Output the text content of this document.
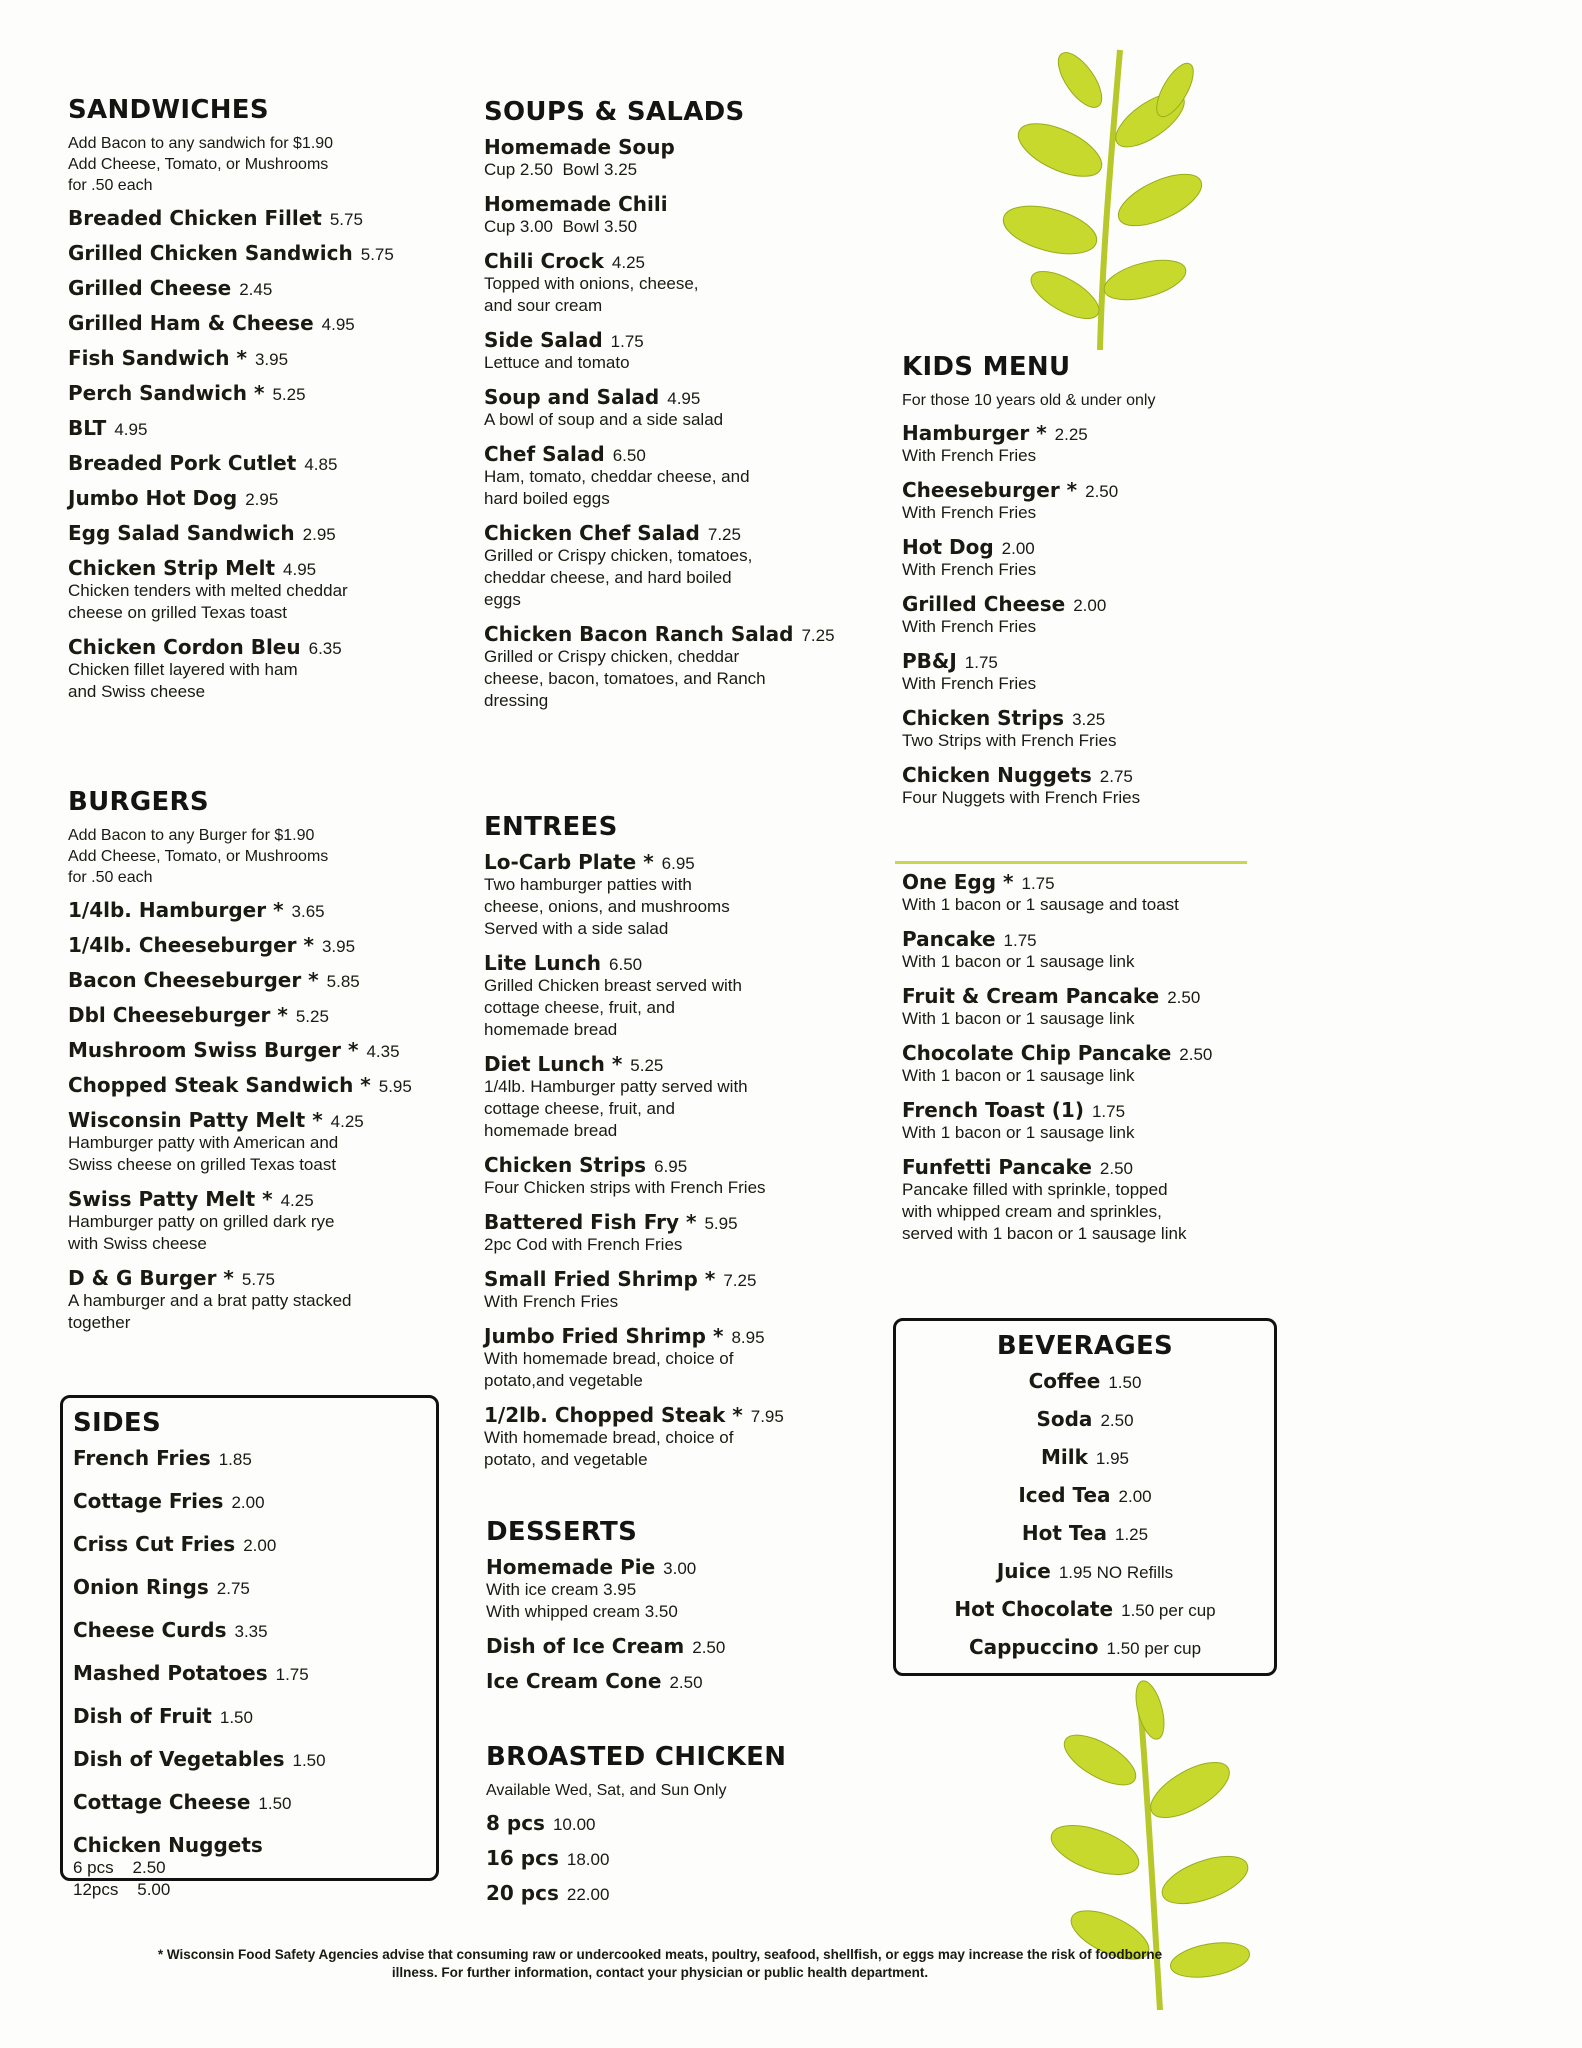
SANDWICHES
Add Bacon to any sandwich for $1.90
Add Cheese, Tomato, or Mushrooms
for .50 each
Breaded Chicken Fillet 5.75
Grilled Chicken Sandwich 5.75
Grilled Cheese 2.45
Grilled Ham & Cheese 4.95
Fish Sandwich * 3.95
Perch Sandwich * 5.25
BLT 4.95
Breaded Pork Cutlet 4.85
Jumbo Hot Dog 2.95
Egg Salad Sandwich 2.95
Chicken Strip Melt 4.95
Chicken tenders with melted cheddar
cheese on grilled Texas toast
Chicken Cordon Bleu 6.35
Chicken fillet layered with ham
and Swiss cheese
BURGERS
Add Bacon to any Burger for $1.90
Add Cheese, Tomato, or Mushrooms
for .50 each
1/4lb. Hamburger * 3.65
1/4lb. Cheeseburger * 3.95
Bacon Cheeseburger * 5.85
Dbl Cheeseburger * 5.25
Mushroom Swiss Burger * 4.35
Chopped Steak Sandwich * 5.95
Wisconsin Patty Melt * 4.25
Hamburger patty with American and
Swiss cheese on grilled Texas toast
Swiss Patty Melt * 4.25
Hamburger patty on grilled dark rye
with Swiss cheese
D & G Burger * 5.75
A hamburger and a brat patty stacked
together
SIDES
French Fries 1.85
Cottage Fries 2.00
Criss Cut Fries 2.00
Onion Rings 2.75
Cheese Curds 3.35
Mashed Potatoes 1.75
Dish of Fruit 1.50
Dish of Vegetables 1.50
Cottage Cheese 1.50
Chicken Nuggets
6 pcs    2.50
12pcs    5.00
SOUPS & SALADS
Homemade Soup
Cup 2.50  Bowl 3.25
Homemade Chili
Cup 3.00  Bowl 3.50
Chili Crock 4.25
Topped with onions, cheese,
and sour cream
Side Salad 1.75
Lettuce and tomato
Soup and Salad 4.95
A bowl of soup and a side salad
Chef Salad 6.50
Ham, tomato, cheddar cheese, and
hard boiled eggs
Chicken Chef Salad 7.25
Grilled or Crispy chicken, tomatoes,
cheddar cheese, and hard boiled
eggs
Chicken Bacon Ranch Salad 7.25
Grilled or Crispy chicken, cheddar
cheese, bacon, tomatoes, and Ranch
dressing
ENTREES
Lo-Carb Plate * 6.95
Two hamburger patties with
cheese, onions, and mushrooms
Served with a side salad
Lite Lunch 6.50
Grilled Chicken breast served with
cottage cheese, fruit, and
homemade bread
Diet Lunch * 5.25
1/4lb. Hamburger patty served with
cottage cheese, fruit, and
homemade bread
Chicken Strips 6.95
Four Chicken strips with French Fries
Battered Fish Fry * 5.95
2pc Cod with French Fries
Small Fried Shrimp * 7.25
With French Fries
Jumbo Fried Shrimp * 8.95
With homemade bread, choice of
potato,and vegetable
1/2lb. Chopped Steak * 7.95
With homemade bread, choice of
potato, and vegetable
DESSERTS
Homemade Pie 3.00
With ice cream 3.95
With whipped cream 3.50
Dish of Ice Cream 2.50
Ice Cream Cone 2.50
BROASTED CHICKEN
Available Wed, Sat, and Sun Only
8 pcs 10.00
16 pcs 18.00
20 pcs 22.00
KIDS MENU
For those 10 years old & under only
Hamburger * 2.25
With French Fries
Cheeseburger * 2.50
With French Fries
Hot Dog 2.00
With French Fries
Grilled Cheese 2.00
With French Fries
PB&J 1.75
With French Fries
Chicken Strips 3.25
Two Strips with French Fries
Chicken Nuggets 2.75
Four Nuggets with French Fries
One Egg * 1.75
With 1 bacon or 1 sausage and toast
Pancake 1.75
With 1 bacon or 1 sausage link
Fruit & Cream Pancake 2.50
With 1 bacon or 1 sausage link
Chocolate Chip Pancake 2.50
With 1 bacon or 1 sausage link
French Toast (1) 1.75
With 1 bacon or 1 sausage link
Funfetti Pancake 2.50
Pancake filled with sprinkle, topped
with whipped cream and sprinkles,
served with 1 bacon or 1 sausage link
BEVERAGES
Coffee 1.50
Soda 2.50
Milk 1.95
Iced Tea 2.00
Hot Tea 1.25
Juice 1.95 NO Refills
Hot Chocolate 1.50 per cup
Cappuccino 1.50 per cup
* Wisconsin Food Safety Agencies advise that consuming raw or undercooked meats, poultry, seafood, shellfish, or eggs may increase the risk of foodborne
illness. For further information, contact your physician or public health department.
